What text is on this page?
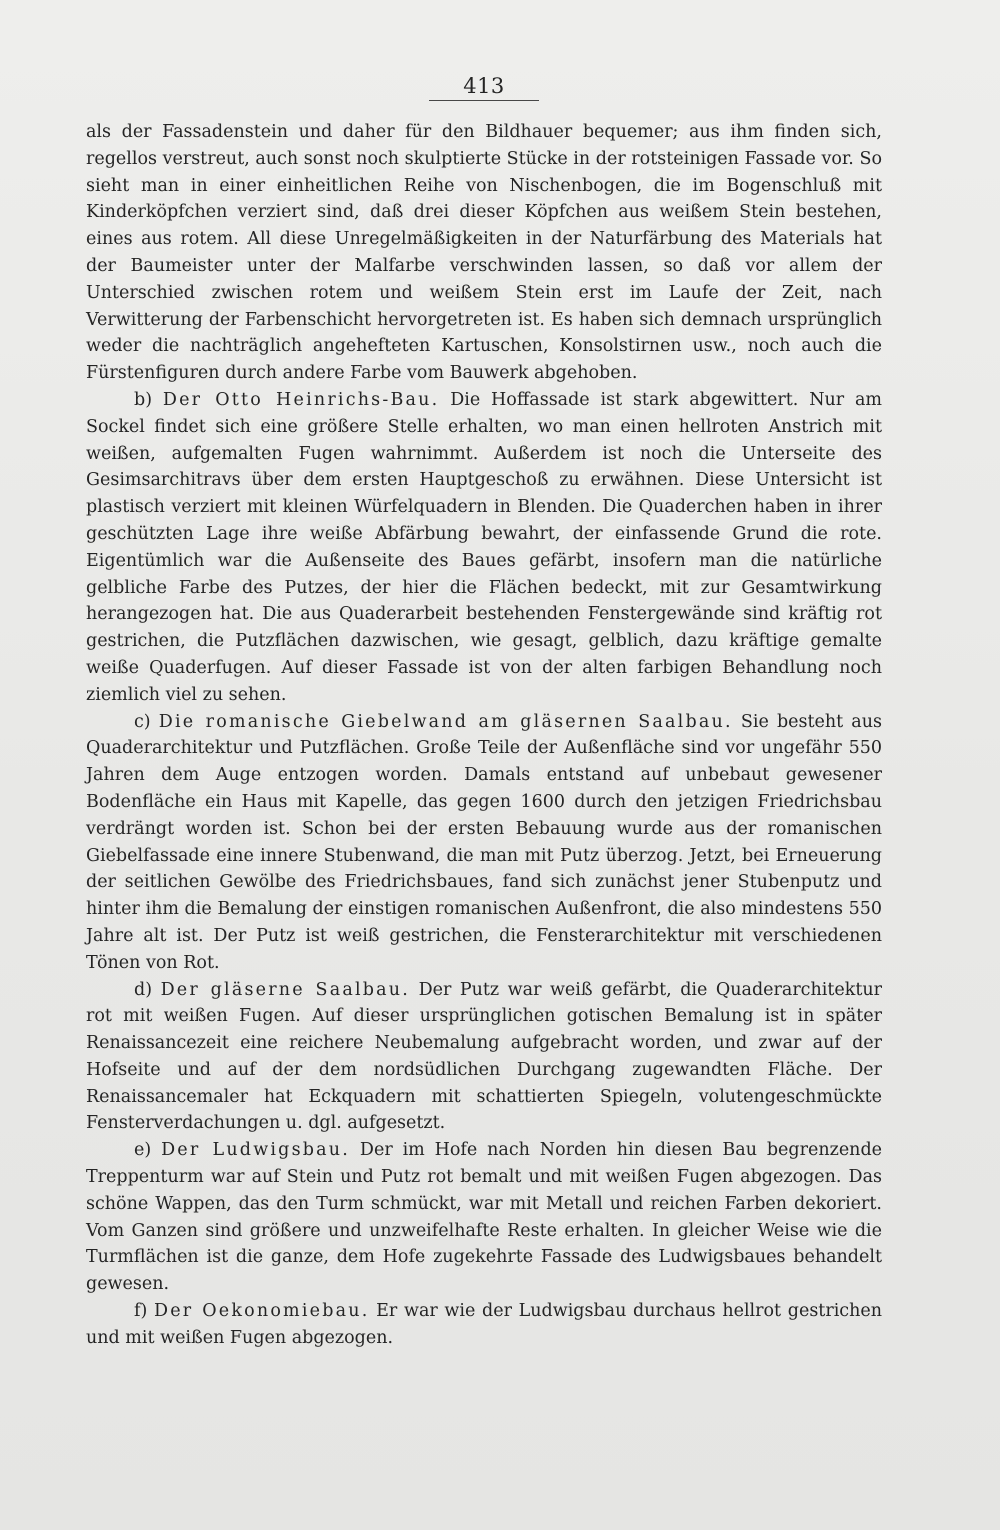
413

als der Fassadenstein und daher für den Bildhauer bequemer; aus ihm finden sich, regellos verstreut, auch sonst noch skulptierte Stücke in der rotsteinigen Fassade vor. So sieht man in einer einheitlichen Reihe von Nischenbogen, die im Bogenschluß mit Kinderköpfchen verziert sind, daß drei dieser Köpfchen aus weißem Stein bestehen, eines aus rotem. All diese Unregelmäßigkeiten in der Naturfärbung des Materials hat der Baumeister unter der Malfarbe verschwinden lassen, so daß vor allem der Unterschied zwischen rotem und weißem Stein erst im Laufe der Zeit, nach Verwitterung der Farbenschicht hervorgetreten ist. Es haben sich demnach ursprünglich weder die nachträglich angehefteten Kartuschen, Konsolstirnen usw., noch auch die Fürstenfiguren durch andere Farbe vom Bauwerk abgehoben.

b) Der Otto Heinrichs-Bau. Die Hoffassade ist stark abgewittert. Nur am Sockel findet sich eine größere Stelle erhalten, wo man einen hellroten Anstrich mit weißen, aufgemalten Fugen wahrnimmt. Außerdem ist noch die Unterseite des Gesimsarchitravs über dem ersten Hauptgeschoß zu erwähnen. Diese Untersicht ist plastisch verziert mit kleinen Würfelquadern in Blenden. Die Quaderchen haben in ihrer geschützten Lage ihre weiße Abfärbung bewahrt, der einfassende Grund die rote. Eigentümlich war die Außenseite des Baues gefärbt, insofern man die natürliche gelbliche Farbe des Putzes, der hier die Flächen bedeckt, mit zur Gesamtwirkung herangezogen hat. Die aus Quaderarbeit bestehenden Fenstergewände sind kräftig rot gestrichen, die Putzflächen dazwischen, wie gesagt, gelblich, dazu kräftige gemalte weiße Quaderfugen. Auf dieser Fassade ist von der alten farbigen Behandlung noch ziemlich viel zu sehen.

c) Die romanische Giebelwand am gläsernen Saalbau. Sie besteht aus Quaderarchitektur und Putzflächen. Große Teile der Außenfläche sind vor ungefähr 550 Jahren dem Auge entzogen worden. Damals entstand auf unbebaut gewesener Bodenfläche ein Haus mit Kapelle, das gegen 1600 durch den jetzigen Friedrichsbau verdrängt worden ist. Schon bei der ersten Bebauung wurde aus der romanischen Giebelfassade eine innere Stubenwand, die man mit Putz überzog. Jetzt, bei Erneuerung der seitlichen Gewölbe des Friedrichsbaues, fand sich zunächst jener Stubenputz und hinter ihm die Bemalung der einstigen romanischen Außenfront, die also mindestens 550 Jahre alt ist. Der Putz ist weiß gestrichen, die Fensterarchitektur mit verschiedenen Tönen von Rot.

d) Der gläserne Saalbau. Der Putz war weiß gefärbt, die Quaderarchitektur rot mit weißen Fugen. Auf dieser ursprünglichen gotischen Bemalung ist in später Renaissancezeit eine reichere Neubemalung aufgebracht worden, und zwar auf der Hofseite und auf der dem nordsüdlichen Durchgang zugewandten Fläche. Der Renaissancemaler hat Eckquadern mit schattierten Spiegeln, volutengeschmückte Fensterverdachungen u. dgl. aufgesetzt.

e) Der Ludwigsbau. Der im Hofe nach Norden hin diesen Bau begrenzende Treppenturm war auf Stein und Putz rot bemalt und mit weißen Fugen abgezogen. Das schöne Wappen, das den Turm schmückt, war mit Metall und reichen Farben dekoriert. Vom Ganzen sind größere und unzweifelhafte Reste erhalten. In gleicher Weise wie die Turmflächen ist die ganze, dem Hofe zugekehrte Fassade des Ludwigsbaues behandelt gewesen.

f) Der Oekonomiebau. Er war wie der Ludwigsbau durchaus hellrot gestrichen und mit weißen Fugen abgezogen.
